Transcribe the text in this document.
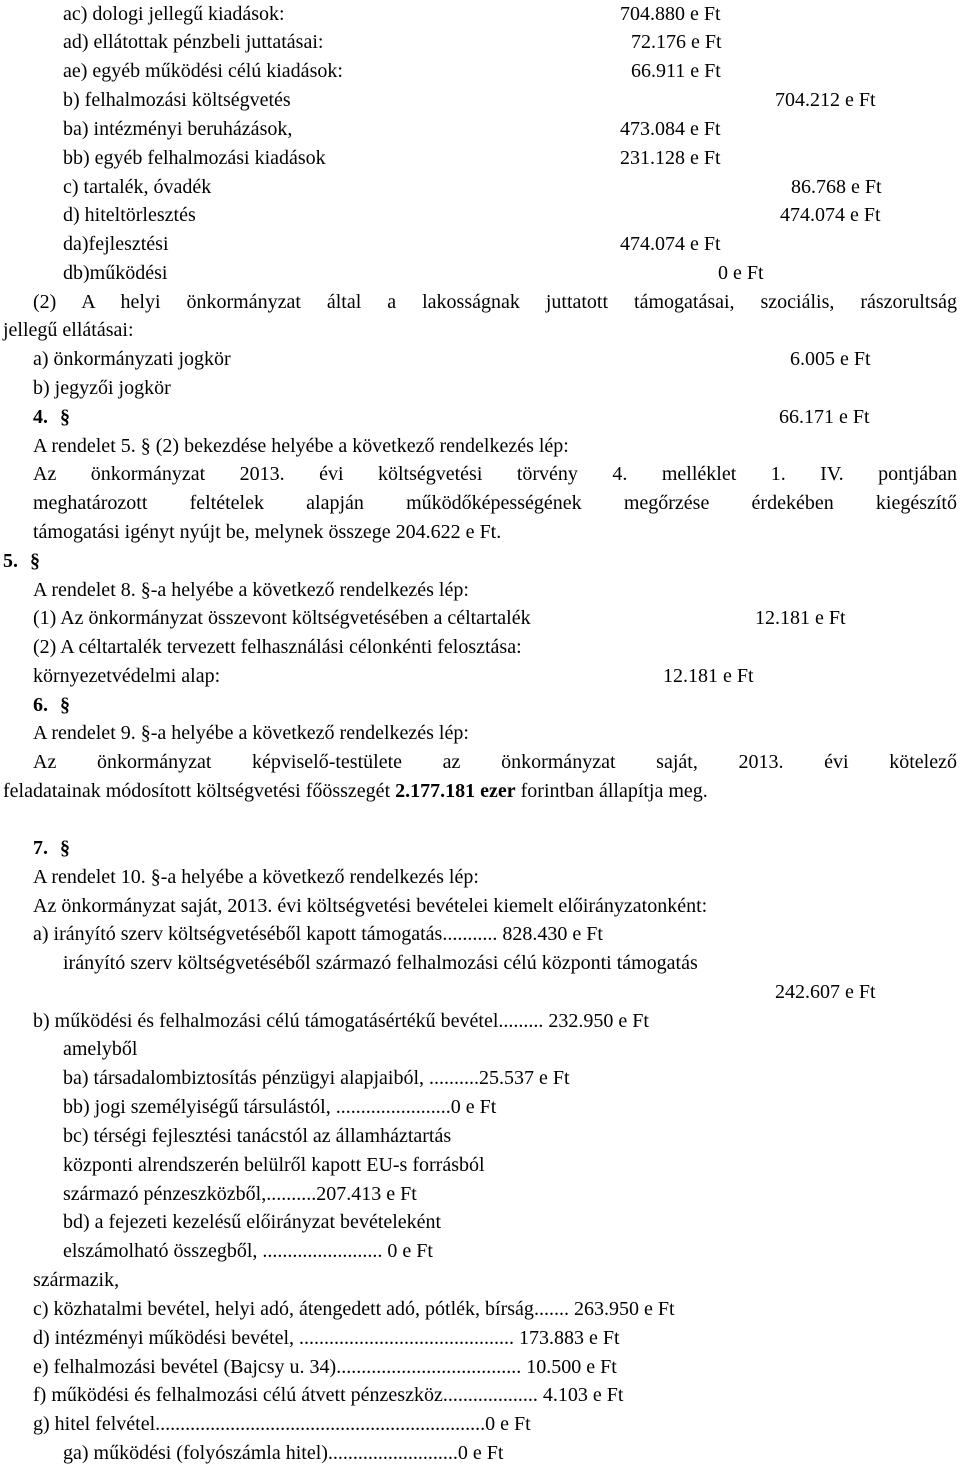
ac) dologi jellegű kiadások:	704.880 e Ft
ad) ellátottak pénzbeli juttatásai:	72.176 e Ft
ae) egyéb működési célú kiadások:	66.911 e Ft
b) felhalmozási költségvetés	704.212 e Ft
ba) intézményi beruházások,	473.084 e Ft
bb) egyéb felhalmozási kiadások	231.128 e Ft
c) tartalék, óvadék	86.768 e Ft
d) hiteltörlesztés	474.074 e Ft
da)fejlesztési	474.074 e Ft
db)működési	0 e Ft
(2) A helyi önkormányzat által a lakosságnak juttatott támogatásai, szociális, rászorultság
jellegű ellátásai:
a) önkormányzati jogkör	6.005 e Ft
b) jegyzői jogkör
4. §	66.171 e Ft
A rendelet 5. § (2) bekezdése helyébe a következő rendelkezés lép:
Az önkormányzat 2013. évi költségvetési törvény 4. melléklet 1. IV. pontjában
meghatározott feltételek alapján működőképességének megőrzése érdekében kiegészítő
támogatási igényt nyújt be, melynek összege 204.622 e Ft.
5. §
A rendelet 8. §-a helyébe a következő rendelkezés lép:
(1) Az önkormányzat összevont költségvetésében a céltartalék	12.181 e Ft
(2) A céltartalék tervezett felhasználási célonkénti felosztása:
környezetvédelmi alap:	12.181 e Ft
6. §
A rendelet 9. §-a helyébe a következő rendelkezés lép:
Az önkormányzat képviselő-testülete az önkormányzat saját, 2013. évi kötelező
feladatainak módosított költségvetési főösszegét 2.177.181 ezer forintban állapítja meg.
7. §
A rendelet 10. §-a helyébe a következő rendelkezés lép:
Az önkormányzat saját, 2013. évi költségvetési bevételei kiemelt előirányzatonként:
a) irányító szerv költségvetéséből kapott támogatás........... 828.430 e Ft
irányító szerv költségvetéséből származó felhalmozási célú központi támogatás
242.607 e Ft
b) működési és felhalmozási célú támogatásértékű bevétel......... 232.950 e Ft
amelyből
ba) társadalombiztosítás pénzügyi alapjaiból, ..........25.537 e Ft
bb) jogi személyiségű társulástól, .......................0 e Ft
bc) térségi fejlesztési tanácstól az államháztartás
központi alrendszerén belülről kapott EU-s forrásból
származó pénzeszközből,..........207.413 e Ft
bd) a fejezeti kezelésű előirányzat bevételeként
elszámolható összegből, ........................ 0 e Ft
származik,
c) közhatalmi bevétel, helyi adó, átengedett adó, pótlék, bírság....... 263.950 e Ft
d) intézményi működési bevétel, ........................................... 173.883 e Ft
e) felhalmozási bevétel (Bajcsy u. 34)..................................... 10.500 e Ft
f) működési és felhalmozási célú átvett pénzeszköz................... 4.103 e Ft
g) hitel felvétel..................................................................0 e Ft
ga) működési (folyószámla hitel)..........................0 e Ft
